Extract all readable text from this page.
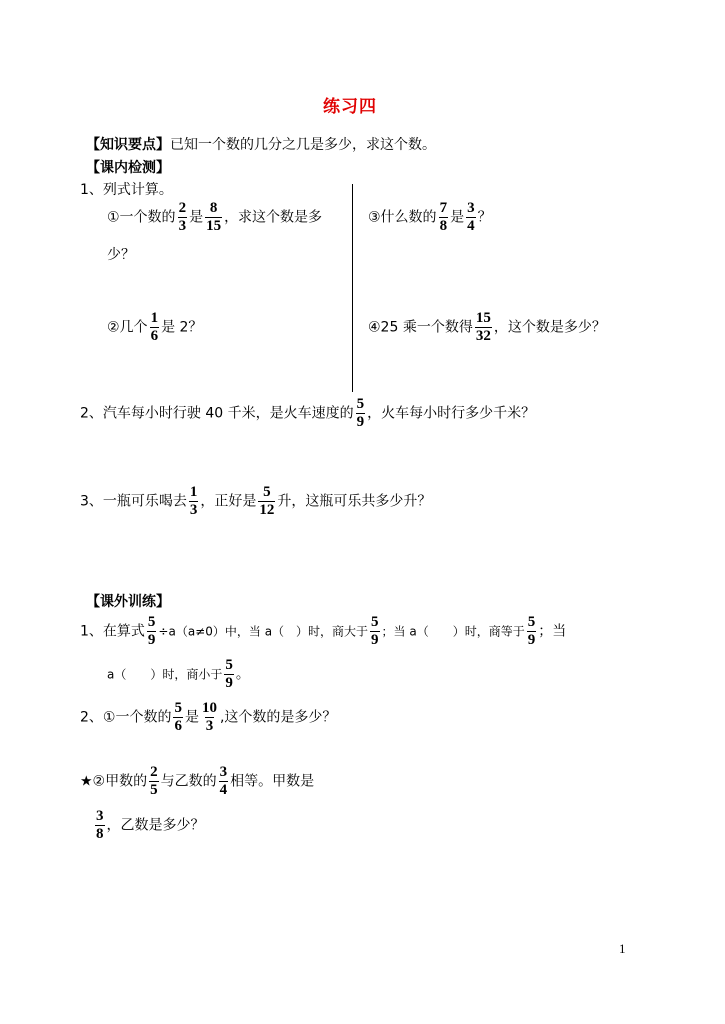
练习四
【知识要点】已知一个数的几分之几是多少，求这个数。
【课内检测】
1、列式计算。
①一个数的 $\frac{2}{3}$ 是 $\frac{8}{15}$ ，求这个数是多
少？
③什么数的 $\frac{7}{8}$ 是 $\frac{3}{4}$ ？
②几个 $\frac{1}{6}$ 是 2？	④25 乘一个数得 $\frac{15}{32}$ ，这个数是多少？
2、汽车每小时行驶 40 千米，是火车速度的 $\frac{5}{9}$ ，火车每小时行多少千米？
3、一瓶可乐喝去 $\frac{1}{3}$ ，正好是 $\frac{5}{12}$ 升，这瓶可乐共多少升？
【课外训练】
1、在算式 $\frac{5}{9} \div a(a\ne 0)$中，当 a（　）时，商大于 $\frac{5}{9}$ ；当 a（　　）时，商等于 $\frac{5}{9}$ ；当
a（　　）时，商小于 $\frac{5}{9}$ 。
2、①一个数的 $\frac{5}{6}$ 是 $\frac{10}{3}$ ,这个数的是多少？
★②甲数的 $\frac{2}{5}$ 与乙数的 $\frac{3}{4}$ 相等。甲数是
$\frac{3}{8}$ ，乙数是多少？
1
